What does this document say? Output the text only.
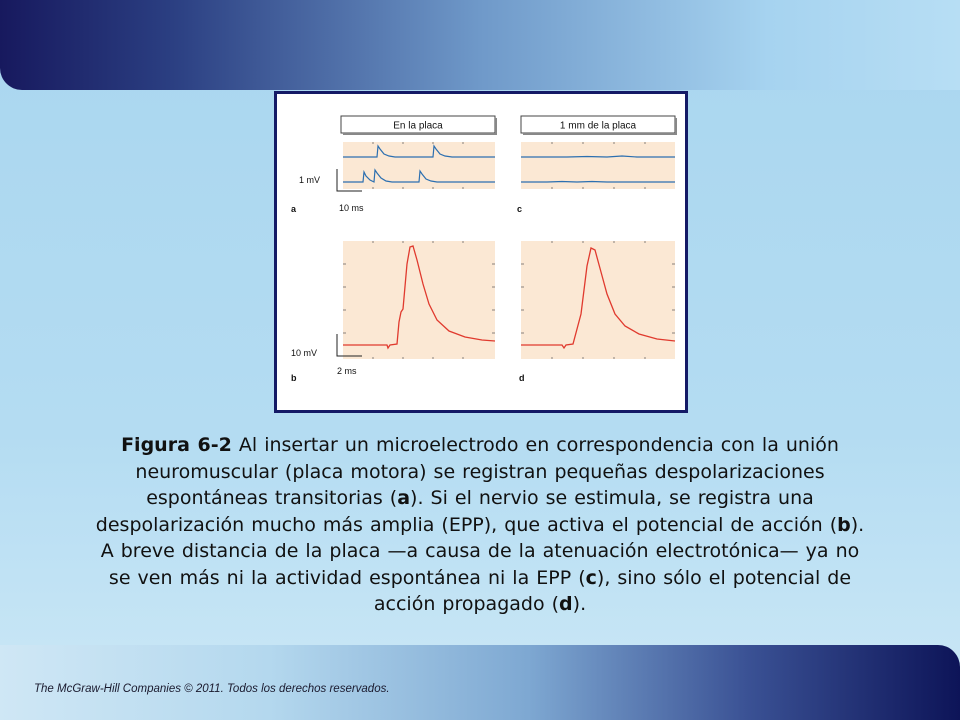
En la placa	1 mm de la placa
1 mV
10 ms
a	c
10 mV
2 ms
b	d
Figura 6-2 Al insertar un microelectrodo en correspondencia con la unión neuromuscular (placa motora) se registran pequeñas despolarizaciones espontáneas transitorias (a). Si el nervio se estimula, se registra una despolarización mucho más amplia (EPP), que activa el potencial de acción (b). A breve distancia de la placa —a causa de la atenuación electrotónica— ya no se ven más ni la actividad espontánea ni la EPP (c), sino sólo el potencial de acción propagado (d).
The McGraw-Hill Companies © 2011. Todos los derechos reservados.
